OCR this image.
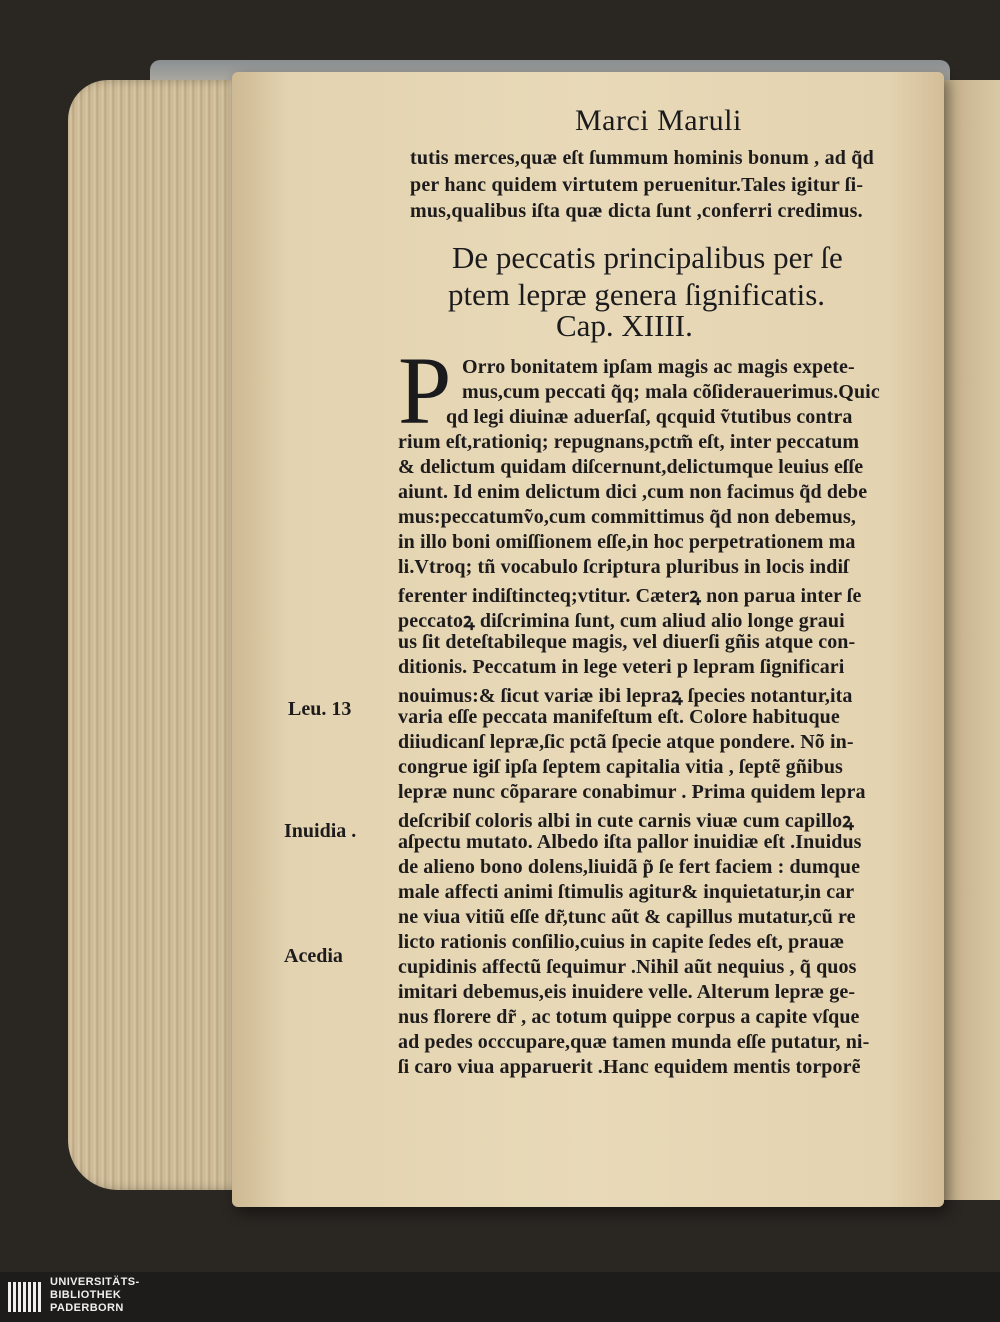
Marci Maruli
tutis merces,quæ eſt ſummum hominis bonum , ad q̃d
per hanc quidem virtutem peruenitur.Tales igitur ſi-
mus,qualibus iſta quæ dicta ſunt ,conferri credimus.
De peccatis principalibus per ſe
ptem lepræ genera ſignificatis.
Cap. XIIII.
P Orro bonitatem ipſam magis ac magis expete-
mus,cum peccati q̃q; mala cõſiderauerimus.Quic
qd legi diuinæ aduerſaſ, qcquid ṽtutibus contra
rium eſt,rationiq; repugnans,pctm̃ eſt, inter peccatum
& delictum quidam diſcernunt,delictumque leuius eſſe
aiunt. Id enim delictum dici ,cum non facimus q̃d debe
mus:peccatumṽo,cum committimus q̃d non debemus,
in illo boni omiſſionem eſſe,in hoc perpetrationem ma
li.Vtroq; tñ vocabulo ſcriptura pluribus in locis indiſ
ferenter indiſtincteq;vtitur. Cæterꝝ non parua inter ſe
peccatoꝝ diſcrimina ſunt, cum aliud alio longe graui
us ſit deteſtabileque magis, vel diuerſi gñis atque con-
ditionis. Peccatum in lege veteri p lepram ſignificari
nouimus:& ſicut variæ ibi lepraꝝ ſpecies notantur,ita
varia eſſe peccata manifeſtum eſt. Colore habituque
diiudicanſ lepræ,ſic pctã ſpecie atque pondere. Nõ in-
congrue igiſ ipſa ſeptem capitalia vitia , ſeptẽ gñibus
lepræ nunc cõparare conabimur . Prima quidem lepra
deſcribiſ coloris albi in cute carnis viuæ cum capilloꝝ
aſpectu mutato. Albedo iſta pallor inuidiæ eſt .Inuidus
de alieno bono dolens,liuidã p̃ ſe fert faciem : dumque
male affecti animi ſtimulis agitur& inquietatur,in car
ne viua vitiũ eſſe dr̃,tunc aũt & capillus mutatur,cũ re
licto rationis conſilio,cuius in capite ſedes eſt, prauæ
cupidinis affectũ ſequimur .Nihil aũt nequius , q̃ quos
imitari debemus,eis inuidere velle. Alterum lepræ ge-
nus florere dr̃ , ac totum quippe corpus a capite vſque
ad pedes occcupare,quæ tamen munda eſſe putatur, ni-
ſi caro viua apparuerit .Hanc equidem mentis torporẽ
Leu. 13
Inuidia .
Acedia
UNIVERSITÄTS-
BIBLIOTHEK
PADERBORN
